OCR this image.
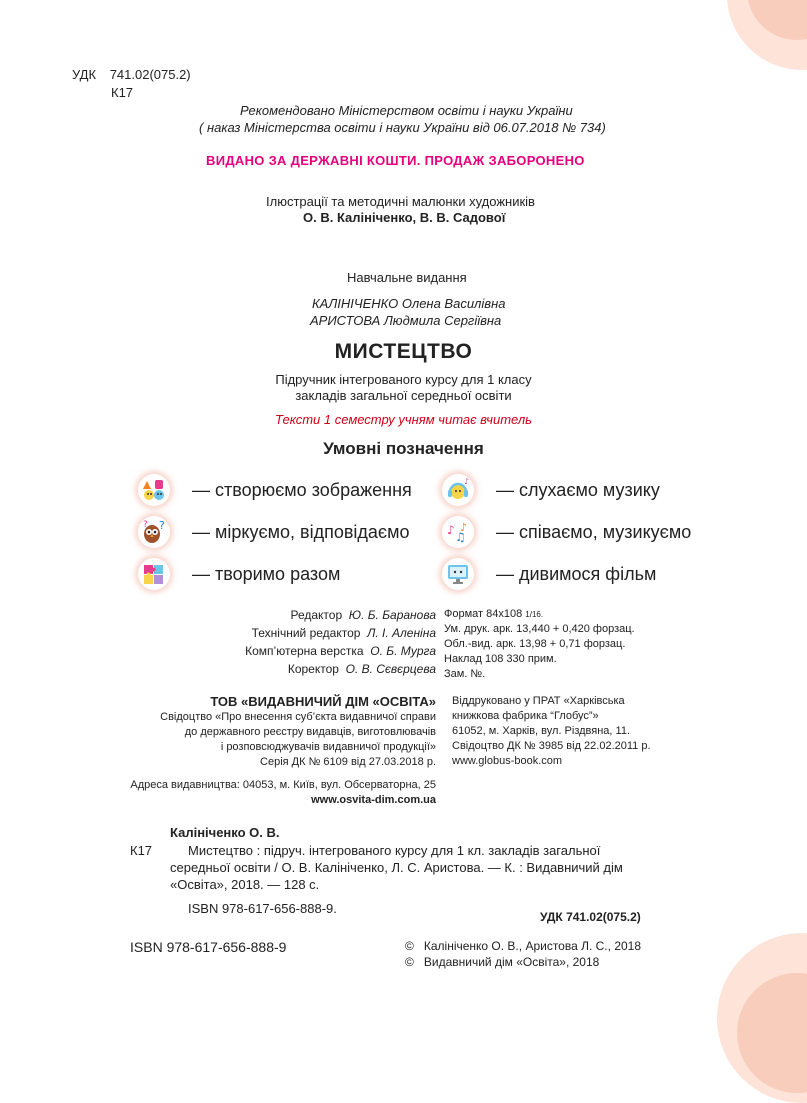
УДК 741.02(075.2)
К17
Рекомендовано Міністерством освіти і науки України
( наказ Міністерства освіти і науки України від 06.07.2018 № 734)
ВИДАНО ЗА ДЕРЖАВНІ КОШТИ. ПРОДАЖ ЗАБОРОНЕНО
Ілюстрації та методичні малюнки художників
О. В. Калініченко, В. В. Садової
Навчальне видання
КАЛІНІЧЕНКО Олена Василівна
АРИСТОВА Людмила Сергіївна
МИСТЕЦТВО
Підручник інтегрованого курсу для 1 класу
закладів загальної середньої освіти
Тексти 1 семестру учням читає вчитель
Умовні позначення
— створюємо зображення
?
? — міркуємо, відповідаємо
— творимо разом
♪ — слухаємо музику
♪ ♫
♪ — співаємо, музикуємо
— дивимося фільм
Редактор Ю. Б. Баранова
Технічний редактор Л. І. Аленіна
Комп’ютерна верстка О. Б. Мурга
Коректор О. В. Сєвєрцева
Формат 84х108 1/16.
Ум. друк. арк. 13,440 + 0,420 форзац.
Обл.-вид. арк. 13,98 + 0,71 форзац.
Наклад 108 330 прим.
Зам. №.
ТОВ «ВИДАВНИЧИЙ ДІМ «ОСВІТА»
Свідоцтво «Про внесення суб’єкта видавничої справи
до державного реєстру видавців, виготовлювачів
і розповсюджувачів видавничої продукції»
Серія ДК № 6109 від 27.03.2018 р.
Віддруковано у ПРАТ «Харківська
книжкова фабрика “Глобус”»
61052, м. Харків, вул. Різдвяна, 11.
Свідоцтво ДК № 3985 від 22.02.2011 р.
www.globus-book.com
Адреса видавництва: 04053, м. Київ, вул. Обсерваторна, 25
www.osvita-dim.com.ua
Калініченко О. В.
К17	Мистецтво : підруч. інтегрованого курсу для 1 кл. закладів загальної
середньої освіти / О. В. Калініченко, Л. С. Аристова. — К. : Видавничий дім
«Освіта», 2018. — 128 с.
ISBN 978-617-656-888-9.
УДК 741.02(075.2)
ISBN 978-617-656-888-9	© Калініченко О. В., Аристова Л. С., 2018
© Видавничий дім «Освіта», 2018
